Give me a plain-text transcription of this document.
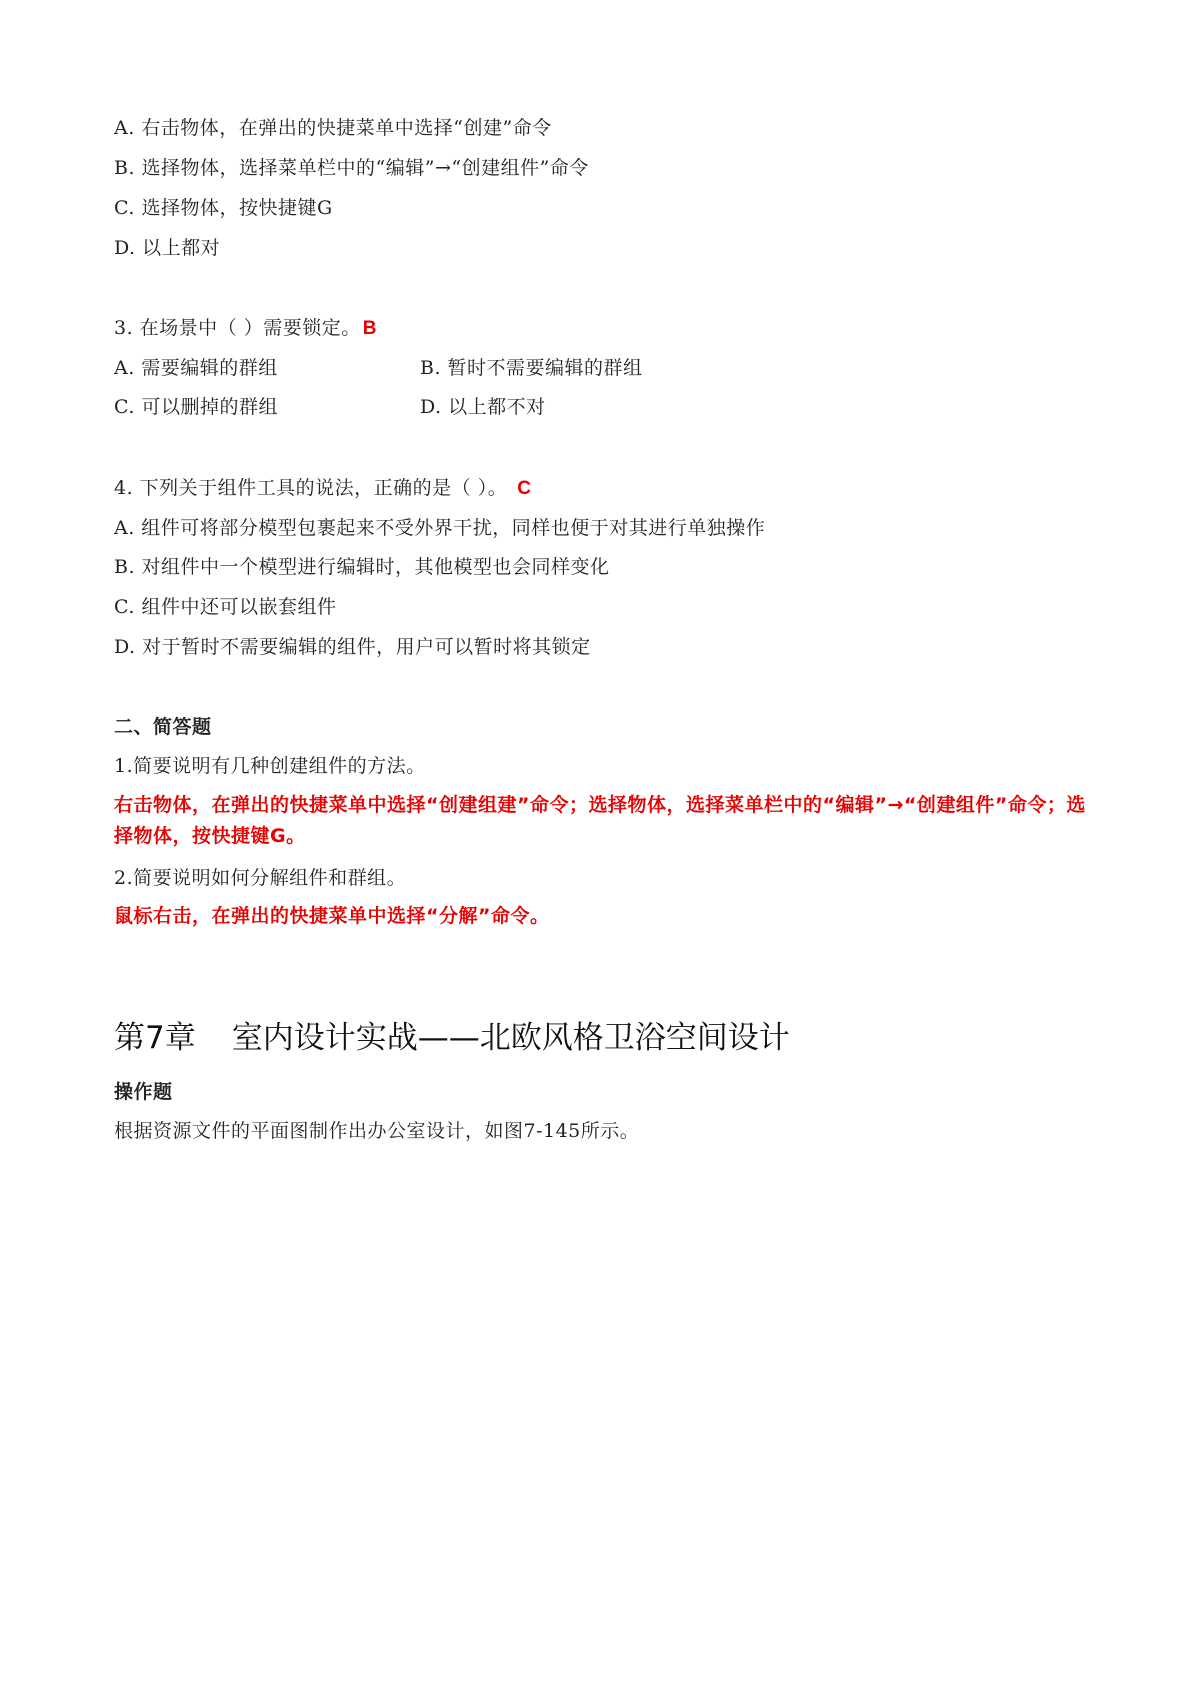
A. 右击物体，在弹出的快捷菜单中选择“创建”命令
B. 选择物体，选择菜单栏中的“编辑”→“创建组件”命令
C. 选择物体，按快捷键G
D. 以上都对
3. 在场景中（ ）需要锁定。 B
A. 需要编辑的群组	B. 暂时不需要编辑的群组
C. 可以删掉的群组	D. 以上都不对
4. 下列关于组件工具的说法，正确的是（ ）。 C
A. 组件可将部分模型包裹起来不受外界干扰，同样也便于对其进行单独操作
B. 对组件中一个模型进行编辑时，其他模型也会同样变化
C. 组件中还可以嵌套组件
D. 对于暂时不需要编辑的组件，用户可以暂时将其锁定
二、简答题
1.简要说明有几种创建组件的方法。
右击物体，在弹出的快捷菜单中选择“创建组建”命令；选择物体，选择菜单栏中的“编辑”→“创建组件”命令；选择物体，按快捷键G。
2.简要说明如何分解组件和群组。
鼠标右击，在弹出的快捷菜单中选择“分解”命令。
第7章 室内设计实战——北欧风格卫浴空间设计
操作题
根据资源文件的平面图制作出办公室设计，如图7-145所示。
